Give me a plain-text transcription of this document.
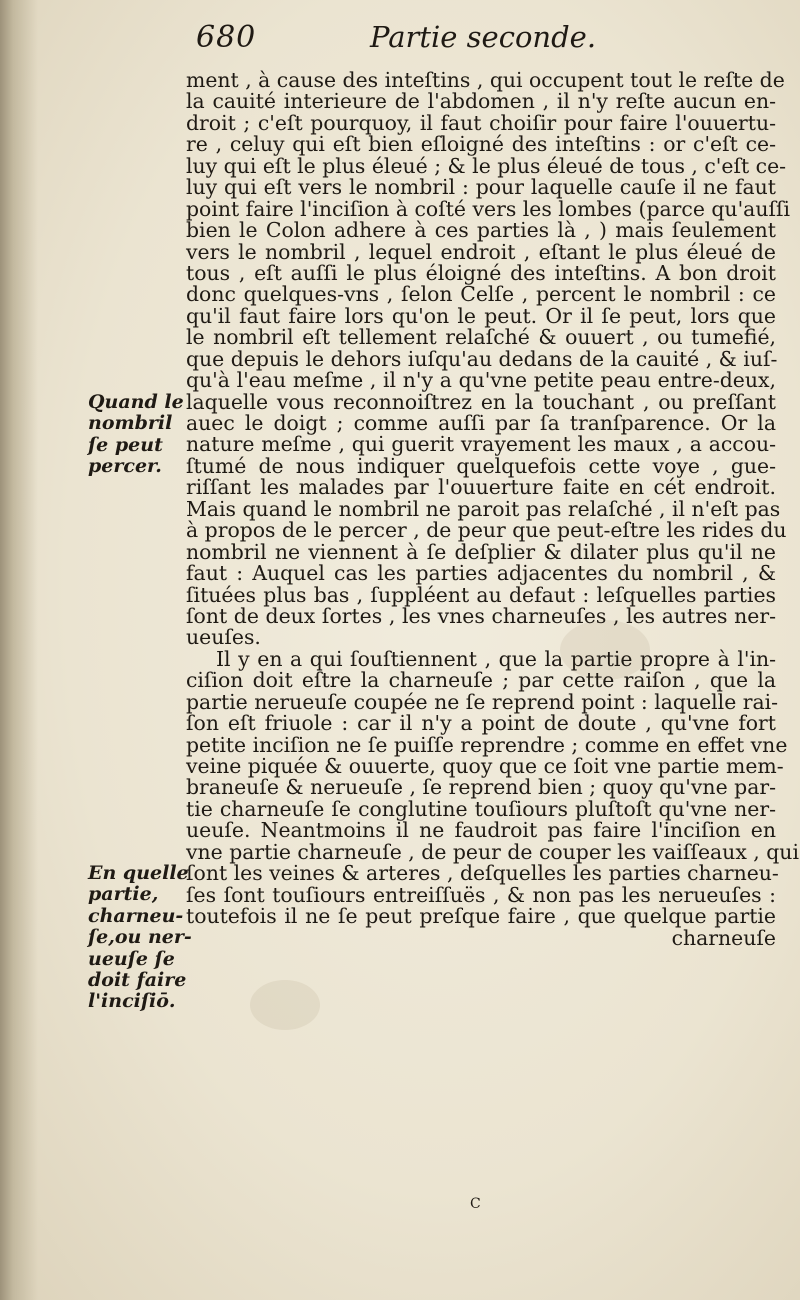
680	Partie seconde.
ment , à cause des inteſtins , qui occupent tout le reſte de
la cauité interieure de l'abdomen , il n'y reſte aucun en-
droit ; c'eſt pourquoy, il faut choiſir pour faire l'ouuertu-
re , celuy qui eſt bien eſloigné des inteſtins : or c'eſt ce-
luy qui eſt le plus éleué ; & le plus éleué de tous , c'eſt ce-
luy qui eſt vers le nombril : pour laquelle cauſe il ne faut
point faire l'inciſion à coſté vers les lombes (parce qu'auſſi
bien le Colon adhere à ces parties là , ) mais ſeulement
vers le nombril , lequel endroit , eſtant le plus éleué de
tous , eſt auſſi le plus éloigné des inteſtins. A bon droit
donc quelques-vns , ſelon Celſe , percent le nombril : ce
qu'il faut faire lors qu'on le peut. Or il ſe peut, lors que
le nombril eſt tellement relaſché & ouuert , ou tumefié,
que depuis le dehors iuſqu'au dedans de la cauité , & iuſ-
qu'à l'eau meſme , il n'y a qu'vne petite peau entre-deux,
laquelle vous reconnoiſtrez en la touchant , ou preſſant
auec le doigt ; comme auſſi par ſa tranſparence. Or la
nature meſme , qui guerit vrayement les maux , a accou-
ſtumé de nous indiquer quelquefois cette voye , gue-
riſſant les malades par l'ouuerture faite en cét endroit.
Mais quand le nombril ne paroit pas relaſché , il n'eſt pas
à propos de le percer , de peur que peut-eſtre les rides du
nombril ne viennent à ſe deſplier & dilater plus qu'il ne
faut : Auquel cas les parties adjacentes du nombril , &
ſituées plus bas , ſuppléent au defaut : leſquelles parties
ſont de deux ſortes , les vnes charneuſes , les autres ner-
ueuſes.
Il y en a qui ſouſtiennent , que la partie propre à l'in-
ciſion doit eſtre la charneuſe ; par cette raiſon , que la
partie nerueuſe coupée ne ſe reprend point : laquelle rai-
ſon eſt friuole : car il n'y a point de doute , qu'vne fort
petite inciſion ne ſe puiſſe reprendre ; comme en effet vne
veine piquée & ouuerte, quoy que ce ſoit vne partie mem-
braneuſe & nerueuſe , ſe reprend bien ; quoy qu'vne par-
tie charneuſe ſe conglutine touſiours pluſtoſt qu'vne ner-
ueuſe. Neantmoins il ne faudroit pas faire l'inciſion en
vne partie charneuſe , de peur de couper les vaiſſeaux , qui
ſont les veines & arteres , deſquelles les parties charneu-
ſes ſont touſiours entreiſſuës , & non pas les nerueuſes :
toutefois il ne ſe peut preſque faire , que quelque partie
charneuſe
Quand le
nombril
ſe peut
percer.
En quelle
partie,
charneu-
ſe,ou ner-
ueuſe ſe
doit faire
l'inciſiō.
C
